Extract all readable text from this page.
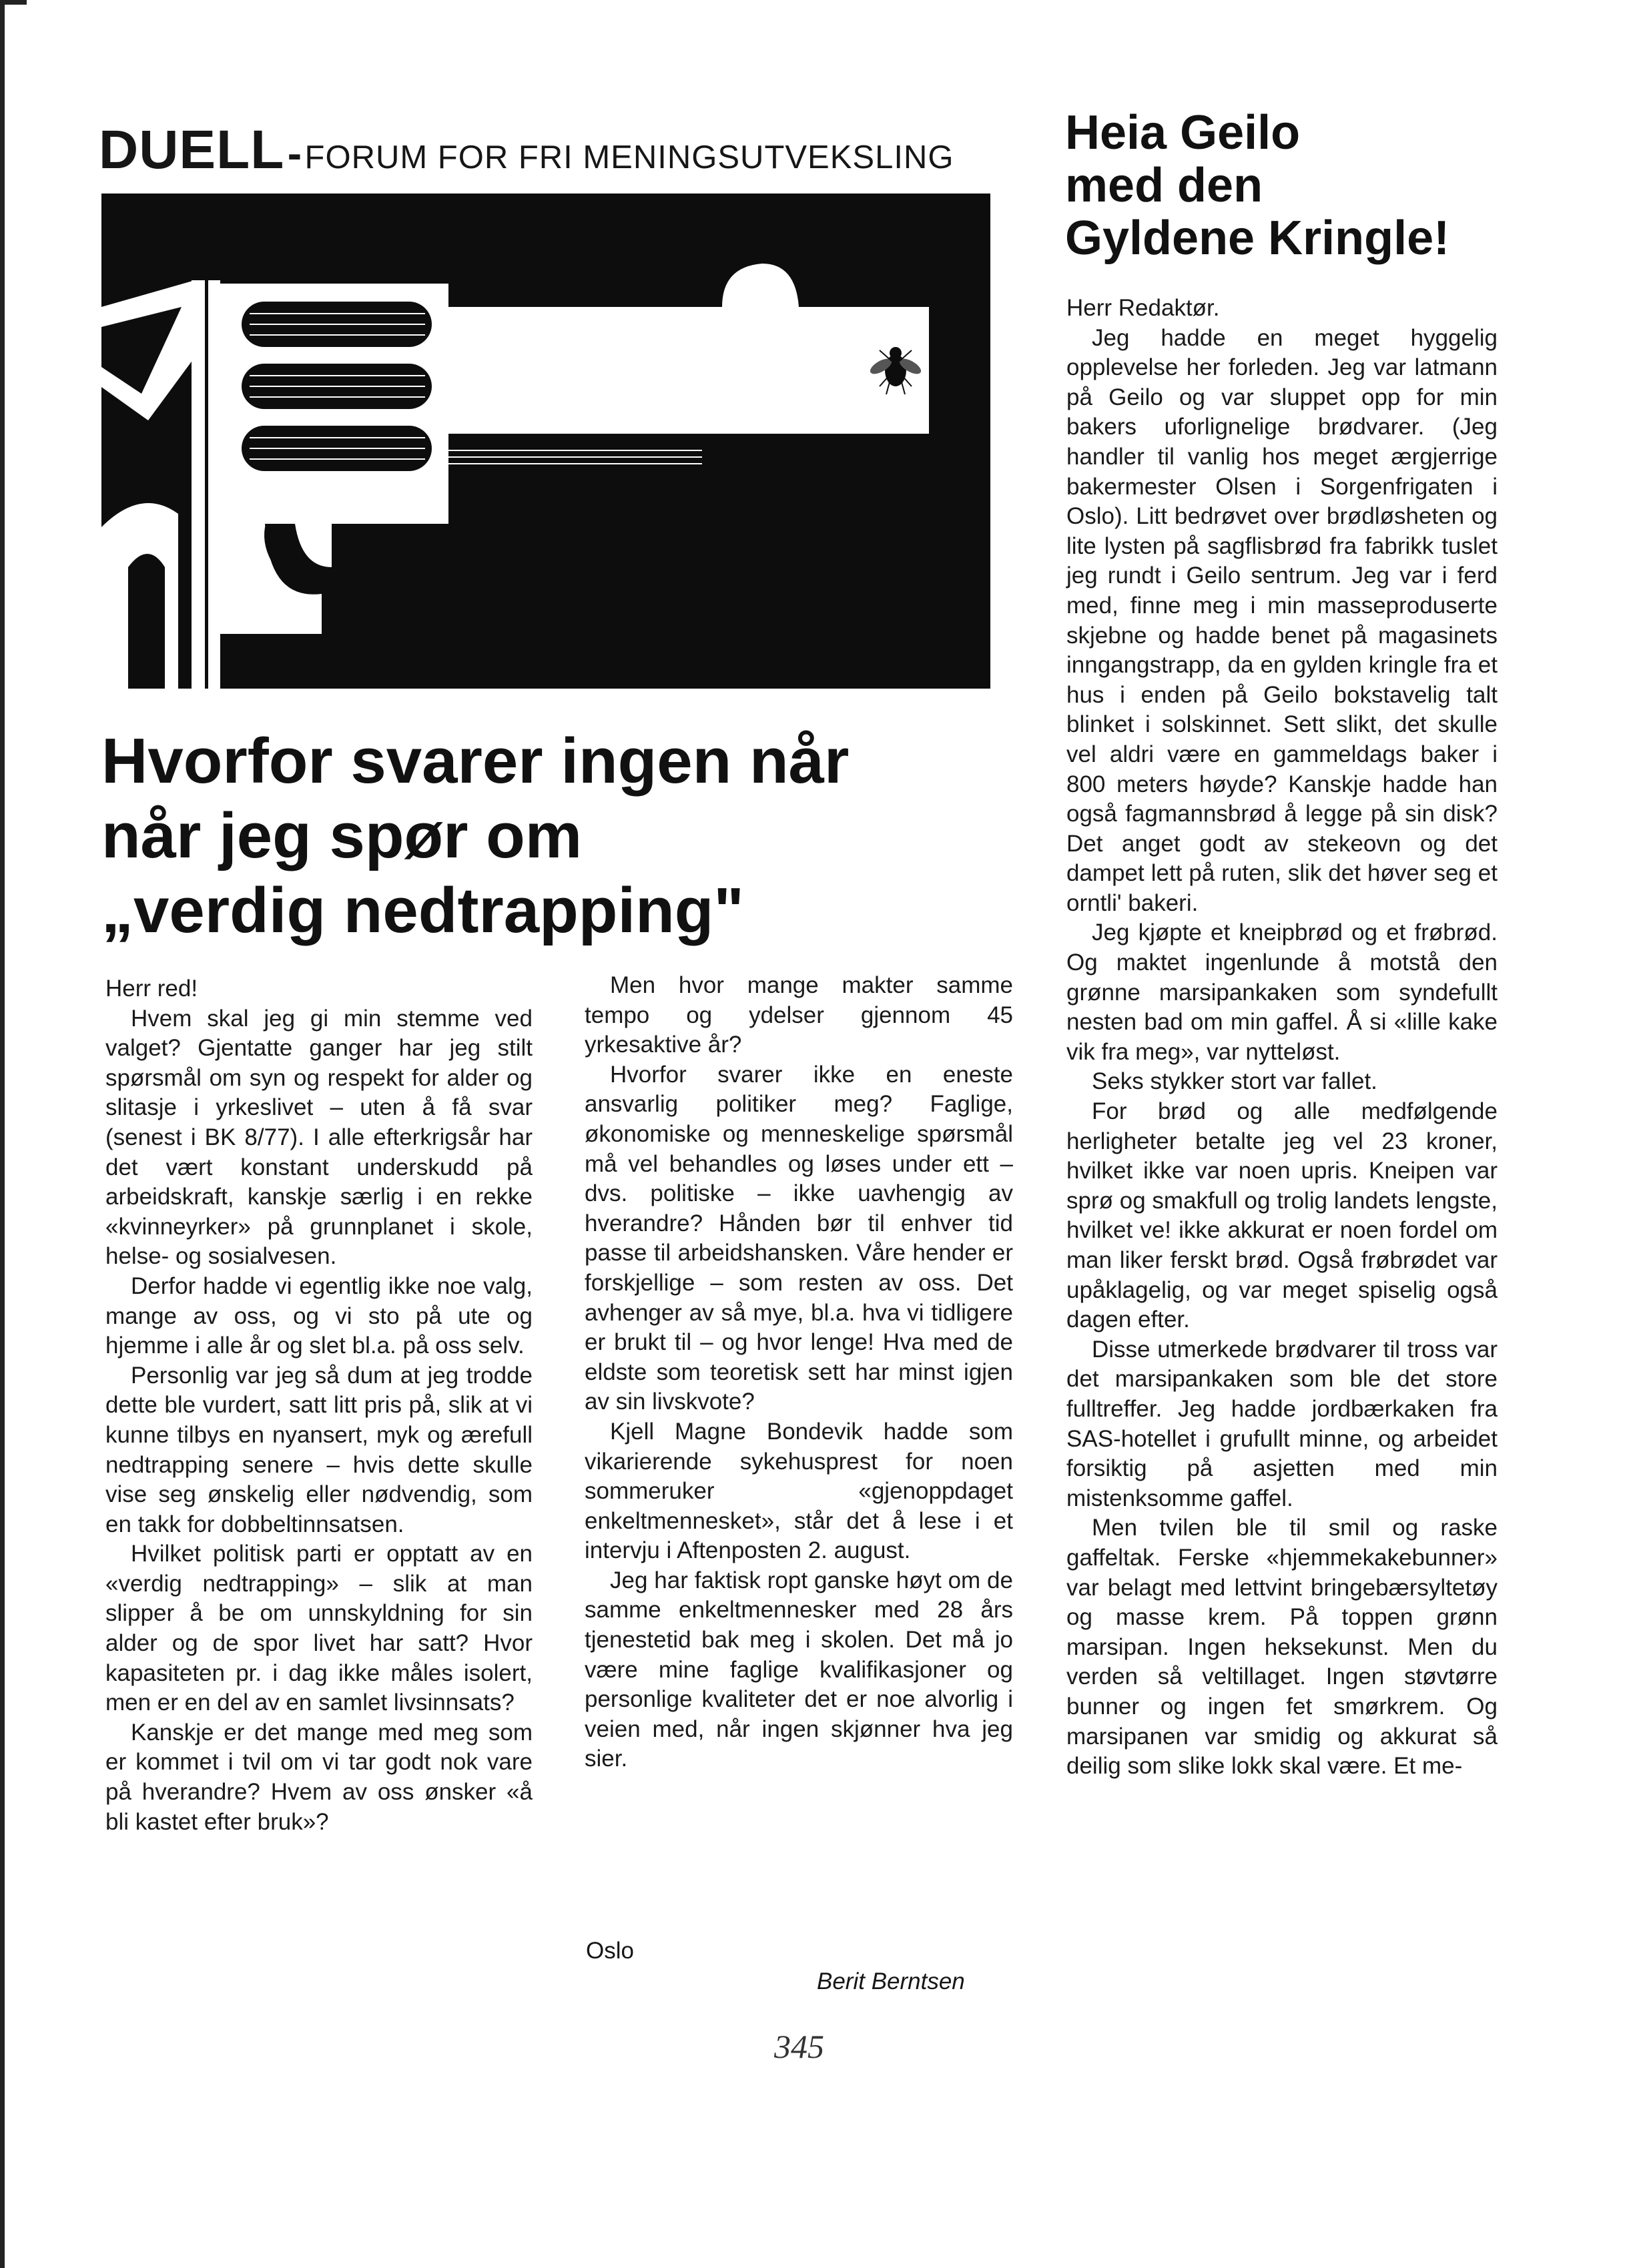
DUELL - FORUM FOR FRI MENINGSUTVEKSLING
Hvorfor svarer ingen når
når jeg spør om
„verdig nedtrapping"

Herr red!

Hvem skal jeg gi min stemme ved valget? Gjentatte ganger har jeg stilt spørsmål om syn og respekt for alder og slitasje i yrkeslivet – uten å få svar (senest i BK 8/77). I alle efterkrigsår har det vært konstant underskudd på arbeidskraft, kanskje særlig i en rekke «kvinneyrker» på grunnplanet i skole, helse- og sosialvesen.

Derfor hadde vi egentlig ikke noe valg, mange av oss, og vi sto på ute og hjemme i alle år og slet bl.a. på oss selv.

Personlig var jeg så dum at jeg trodde dette ble vurdert, satt litt pris på, slik at vi kunne tilbys en nyansert, myk og ærefull nedtrapping senere – hvis dette skulle vise seg ønskelig eller nødvendig, som en takk for dobbeltinnsatsen.

Hvilket politisk parti er opptatt av en «verdig nedtrapping» – slik at man slipper å be om unnskyldning for sin alder og de spor livet har satt? Hvor kapasiteten pr. i dag ikke måles isolert, men er en del av en samlet livsinnsats?

Kanskje er det mange med meg som er kommet i tvil om vi tar godt nok vare på hverandre? Hvem av oss ønsker «å bli kastet efter bruk»?

Men hvor mange makter samme tempo og ydelser gjennom 45 yrkesaktive år?

Hvorfor svarer ikke en eneste ansvarlig politiker meg? Faglige, økonomiske og menneskelige spørsmål må vel behandles og løses under ett – dvs. politiske – ikke uavhengig av hverandre? Hånden bør til enhver tid passe til arbeidshansken. Våre hender er forskjellige – som resten av oss. Det avhenger av så mye, bl.a. hva vi tidligere er brukt til – og hvor lenge! Hva med de eldste som teoretisk sett har minst igjen av sin livskvote?

Kjell Magne Bondevik hadde som vikarierende sykehusprest for noen sommeruker «gjenoppdaget enkeltmennesket», står det å lese i et intervju i Aftenposten 2. august.

Jeg har faktisk ropt ganske høyt om de samme enkeltmennesker med 28 års tjenestetid bak meg i skolen. Det må jo være mine faglige kvalifikasjoner og personlige kvaliteter det er noe alvorlig i veien med, når ingen skjønner hva jeg sier.

Oslo
Berit Berntsen
Heia Geilo
med den
Gyldene Kringle!

Herr Redaktør.

Jeg hadde en meget hyggelig opplevelse her forleden. Jeg var latmann på Geilo og var sluppet opp for min bakers uforlignelige brødvarer. (Jeg handler til vanlig hos meget ærgjerrige bakermester Olsen i Sorgenfrigaten i Oslo). Litt bedrøvet over brødløsheten og lite lysten på sagflisbrød fra fabrikk tuslet jeg rundt i Geilo sentrum. Jeg var i ferd med, finne meg i min masseproduserte skjebne og hadde benet på magasinets inngangstrapp, da en gylden kringle fra et hus i enden på Geilo bokstavelig talt blinket i solskinnet. Sett slikt, det skulle vel aldri være en gammeldags baker i 800 meters høyde? Kanskje hadde han også fagmannsbrød å legge på sin disk? Det anget godt av stekeovn og det dampet lett på ruten, slik det høver seg et orntli' bakeri.

Jeg kjøpte et kneipbrød og et frøbrød. Og maktet ingenlunde å motstå den grønne marsipankaken som syndefullt nesten bad om min gaffel. Å si «lille kake vik fra meg», var nytteløst.

Seks stykker stort var fallet.

For brød og alle medfølgende herligheter betalte jeg vel 23 kroner, hvilket ikke var noen upris. Kneipen var sprø og smakfull og trolig landets lengste, hvilket ve! ikke akkurat er noen fordel om man liker ferskt brød. Også frøbrødet var upåklagelig, og var meget spiselig også dagen efter.

Disse utmerkede brødvarer til tross var det marsipankaken som ble det store fulltreffer. Jeg hadde jordbærkaken fra SAS-hotellet i grufullt minne, og arbeidet forsiktig på asjetten med min mistenksomme gaffel.

Men tvilen ble til smil og raske gaffeltak. Ferske «hjemmekakebunner» var belagt med lettvint bringebærsyltetøy og masse krem. På toppen grønn marsipan. Ingen heksekunst. Men du verden så veltillaget. Ingen støvtørre bunner og ingen fet smørkrem. Og marsipanen var smidig og akkurat så deilig som slike lokk skal være. Et me-

345
